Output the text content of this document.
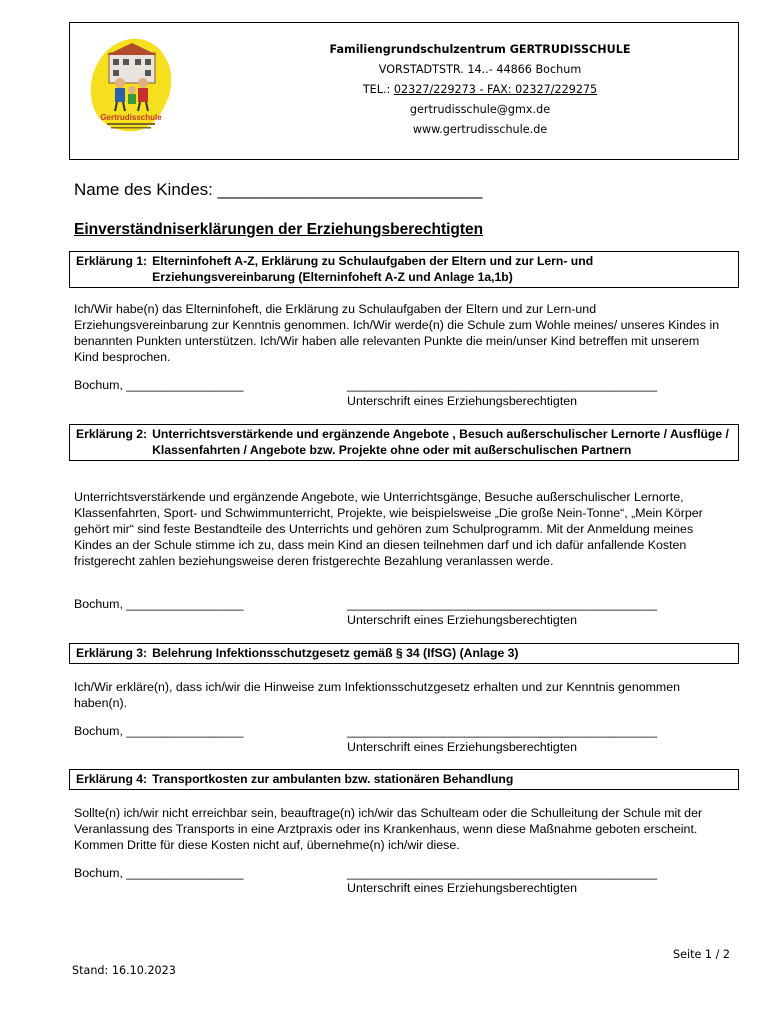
Gertrudisschule
Familiengrundschulzentrum GERTRUDISSCHULE
VORSTADTSTR. 14..- 44866 Bochum
TEL.: 02327/229273 - FAX: 02327/229275
gertrudisschule@gmx.de
www.gertrudisschule.de
Name des Kindes: ____________________________
Einverständniserklärungen der Erziehungsberechtigten
Erklärung 1: Elterninfoheft A-Z, Erklärung zu Schulaufgaben der Eltern und zur Lern- und Erziehungsvereinbarung (Elterninfoheft A-Z und Anlage 1a,1b)
Ich/Wir habe(n) das Elterninfoheft, die Erklärung zu Schulaufgaben der Eltern und zur Lern-und Erziehungsvereinbarung zur Kenntnis genommen. Ich/Wir werde(n) die Schule zum Wohle meines/ unseres Kindes in benannten Punkten unterstützen. Ich/Wir haben alle relevanten Punkte die mein/unser Kind betreffen mit unserem Kind besprochen.
Bochum, _________________	_____________________________________________
Unterschrift eines Erziehungsberechtigten
Erklärung 2: Unterrichtsverstärkende und ergänzende Angebote , Besuch außerschulischer Lernorte / Ausflüge / Klassenfahrten / Angebote bzw. Projekte ohne oder mit außerschulischen Partnern
Unterrichtsverstärkende und ergänzende Angebote, wie Unterrichtsgänge, Besuche außerschulischer Lernorte, Klassenfahrten, Sport- und Schwimmunterricht, Projekte, wie beispielsweise „Die große Nein-Tonne“, „Mein Körper gehört mir“ sind feste Bestandteile des Unterrichts und gehören zum Schulprogramm. Mit der Anmeldung meines Kindes an der Schule stimme ich zu, dass mein Kind an diesen teilnehmen darf und ich dafür anfallende Kosten fristgerecht zahlen beziehungsweise deren fristgerechte Bezahlung veranlassen werde.
Bochum, _________________	_____________________________________________
Unterschrift eines Erziehungsberechtigten
Erklärung 3: Belehrung Infektionsschutzgesetz gemäß § 34 (IfSG) (Anlage 3)
Ich/Wir erkläre(n), dass ich/wir die Hinweise zum Infektionsschutzgesetz erhalten und zur Kenntnis genommen haben(n).
Bochum, _________________	_____________________________________________
Unterschrift eines Erziehungsberechtigten
Erklärung 4: Transportkosten zur ambulanten bzw. stationären Behandlung
Sollte(n) ich/wir nicht erreichbar sein, beauftrage(n) ich/wir das Schulteam oder die Schulleitung der Schule mit der Veranlassung des Transports in eine Arztpraxis oder ins Krankenhaus, wenn diese Maßnahme geboten erscheint. Kommen Dritte für diese Kosten nicht auf, übernehme(n) ich/wir diese.
Bochum, _________________	_____________________________________________
Unterschrift eines Erziehungsberechtigten
Seite 1 / 2
Stand: 16.10.2023
